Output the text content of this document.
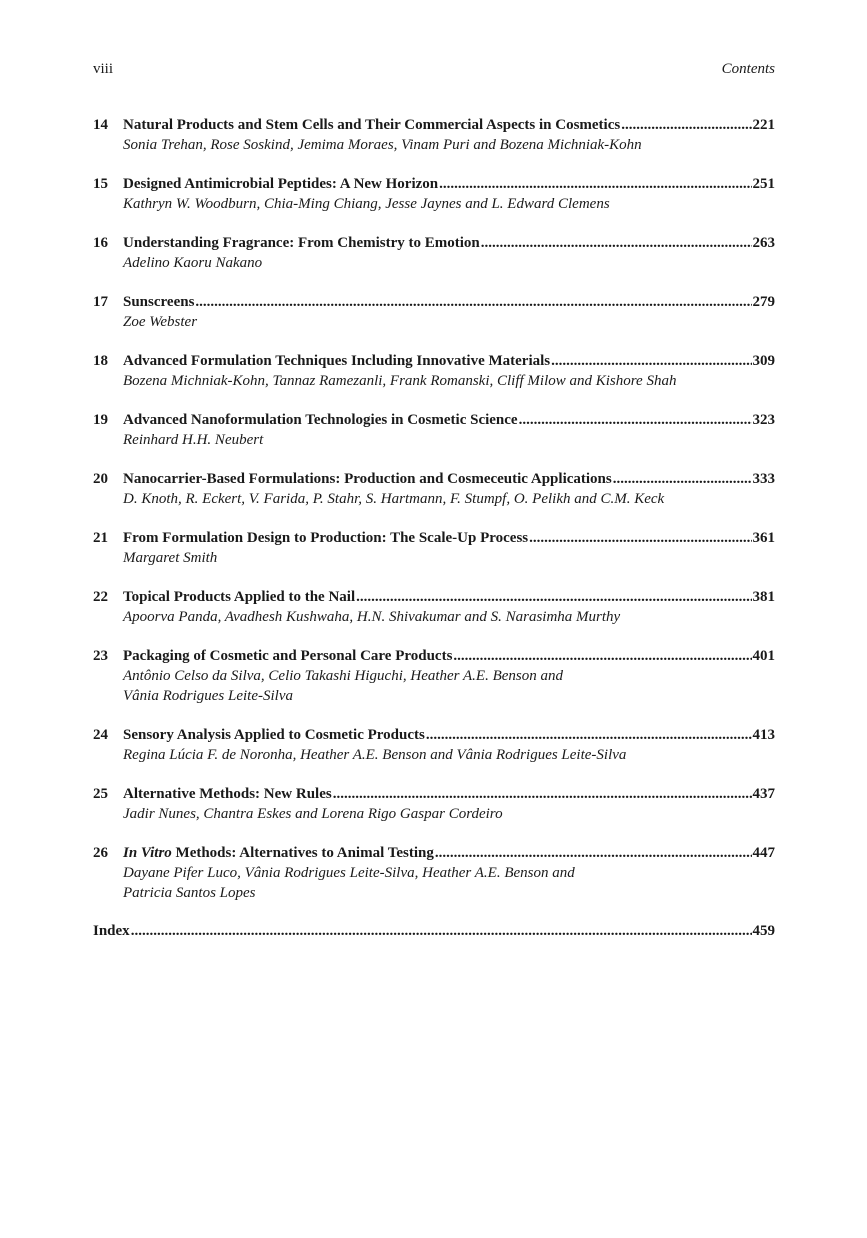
viii	Contents
14	Natural Products and Stem Cells and Their Commercial Aspects in Cosmetics .....	221
Sonia Trehan, Rose Soskind, Jemima Moraes, Vinam Puri and Bozena Michniak-Kohn
15	Designed Antimicrobial Peptides: A New Horizon .....	251
Kathryn W. Woodburn, Chia-Ming Chiang, Jesse Jaynes and L. Edward Clemens
16	Understanding Fragrance: From Chemistry to Emotion .....	263
Adelino Kaoru Nakano
17	Sunscreens .....	279
Zoe Webster
18	Advanced Formulation Techniques Including Innovative Materials .....	309
Bozena Michniak-Kohn, Tannaz Ramezanli, Frank Romanski, Cliff Milow and Kishore Shah
19	Advanced Nanoformulation Technologies in Cosmetic Science .....	323
Reinhard H.H. Neubert
20	Nanocarrier-Based Formulations: Production and Cosmeceutic Applications .....	333
D. Knoth, R. Eckert, V. Farida, P. Stahr, S. Hartmann, F. Stumpf, O. Pelikh and C.M. Keck
21	From Formulation Design to Production: The Scale-Up Process .....	361
Margaret Smith
22	Topical Products Applied to the Nail .....	381
Apoorva Panda, Avadhesh Kushwaha, H.N. Shivakumar and S. Narasimha Murthy
23	Packaging of Cosmetic and Personal Care Products .....	401
Antônio Celso da Silva, Celio Takashi Higuchi, Heather A.E. Benson and
Vânia Rodrigues Leite-Silva
24	Sensory Analysis Applied to Cosmetic Products .....	413
Regina Lúcia F. de Noronha, Heather A.E. Benson and Vânia Rodrigues Leite-Silva
25	Alternative Methods: New Rules .....	437
Jadir Nunes, Chantra Eskes and Lorena Rigo Gaspar Cordeiro
26	In Vitro Methods: Alternatives to Animal Testing .....	447
Dayane Pifer Luco, Vânia Rodrigues Leite-Silva, Heather A.E. Benson and
Patricia Santos Lopes
Index .....	459
